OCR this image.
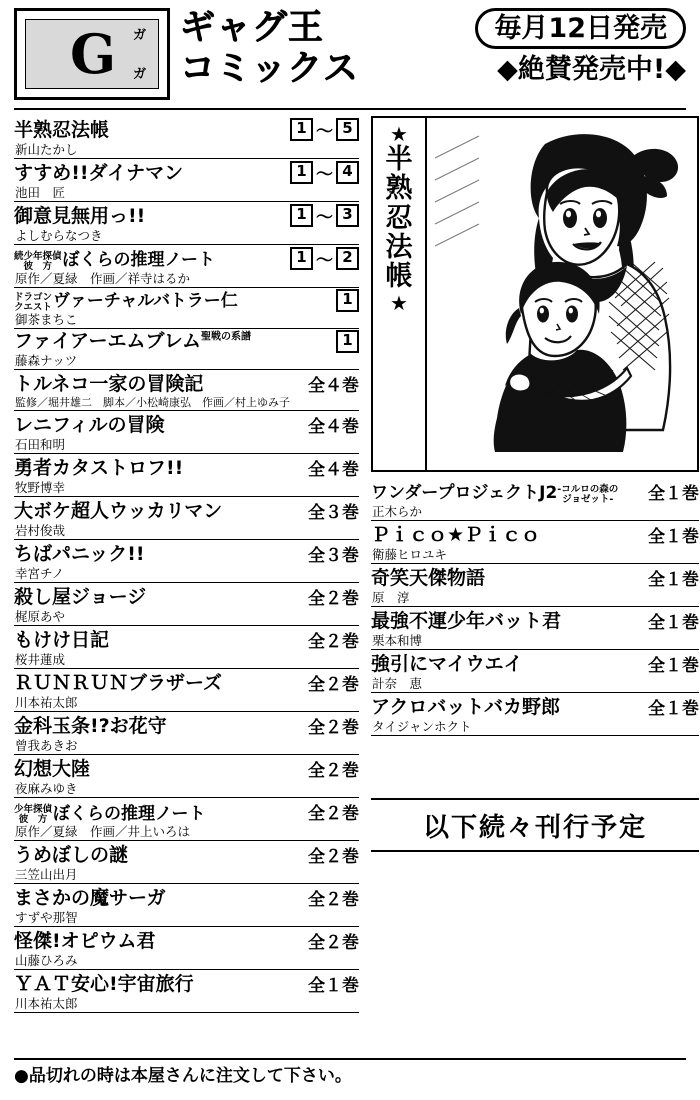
ガ
G ガ
ギャグ王	毎月12日発売
コミックス	◆絶賛発売中!◆
半熟忍法帳	1 〜 5
新山たかし
すすめ!!ダイナマン	1 〜 4
池田　匠
御意見無用っ!!	1 〜 3
よしむらなつき
続少年探偵
彼　方 ぼくらの推理ノート	1 〜 2
原作／夏緑　作画／祥寺はるか
ドラゴン
クエスト ヴァーチャルバトラー仁	1
御茶まちこ
ファイアーエムブレム$^{聖戦の系譜}$	1
藤森ナッツ
トルネコ一家の冒険記	全４巻
監修／堀井雄二　脚本／小松崎康弘　作画／村上ゆみ子
レニフィルの冒険	全４巻
石田和明
勇者カタストロフ!!	全４巻
牧野博幸
大ボケ超人ウッカリマン	全３巻
岩村俊哉
ちばパニック!!	全３巻
幸宮チノ
殺し屋ジョージ	全２巻
梶原あや
もけけ日記	全２巻
桜井蓮成
ＲＵＮＲＵＮブラザーズ	全２巻
川本祐太郎
金科玉条!?お花守	全２巻
曾我あきお
幻想大陸	全２巻
夜麻みゆき
少年探偵
彼　方 ぼくらの推理ノート	全２巻
原作／夏緑　作画／井上いろは
うめぼしの謎	全２巻
三笠山出月
まさかの魔サーガ	全２巻
すずや那智
怪傑!オピウム君	全２巻
山藤ひろみ
ＹＡＴ安心!宇宙旅行	全１巻
川本祐太郎
★
半
熟
忍
法
帳
★
ワンダープロジェクトJ2 -コルロの森の
ジョゼット- 全１巻
正木らか
Ｐｉｃｏ★Ｐｉｃｏ	全１巻
衛藤ヒロユキ
奇笑天傑物語	全１巻
原　淳
最強不運少年バット君	全１巻
栗本和博
強引にマイウエイ	全１巻
計奈　恵
アクロバットバカ野郎	全１巻
タイジャンホクト
以下続々刊行予定
●品切れの時は本屋さんに注文して下さい。
